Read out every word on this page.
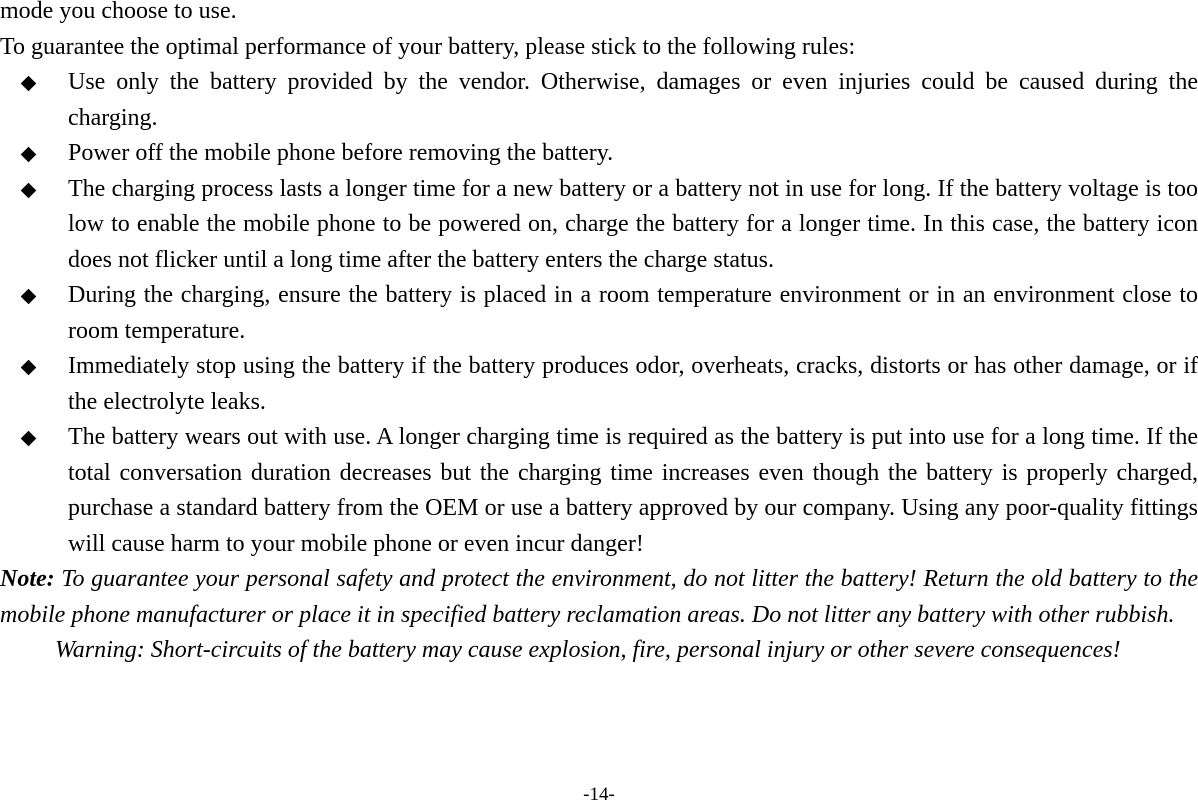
mode you choose to use.

To guarantee the optimal performance of your battery, please stick to the following rules:

Use only the battery provided by the vendor. Otherwise, damages or even injuries could be caused during the charging.
Power off the mobile phone before removing the battery.
The charging process lasts a longer time for a new battery or a battery not in use for long. If the battery voltage is too low to enable the mobile phone to be powered on, charge the battery for a longer time. In this case, the battery icon does not flicker until a long time after the battery enters the charge status.
During the charging, ensure the battery is placed in a room temperature environment or in an environment close to room temperature.
Immediately stop using the battery if the battery produces odor, overheats, cracks, distorts or has other damage, or if the electrolyte leaks.
The battery wears out with use. A longer charging time is required as the battery is put into use for a long time. If the total conversation duration decreases but the charging time increases even though the battery is properly charged, purchase a standard battery from the OEM or use a battery approved by our company. Using any poor-quality fittings will cause harm to your mobile phone or even incur danger!

Note: To guarantee your personal safety and protect the environment, do not litter the battery! Return the old battery to the mobile phone manufacturer or place it in specified battery reclamation areas. Do not litter any battery with other rubbish.

Warning: Short-circuits of the battery may cause explosion, fire, personal injury or other severe consequences!

-14-
